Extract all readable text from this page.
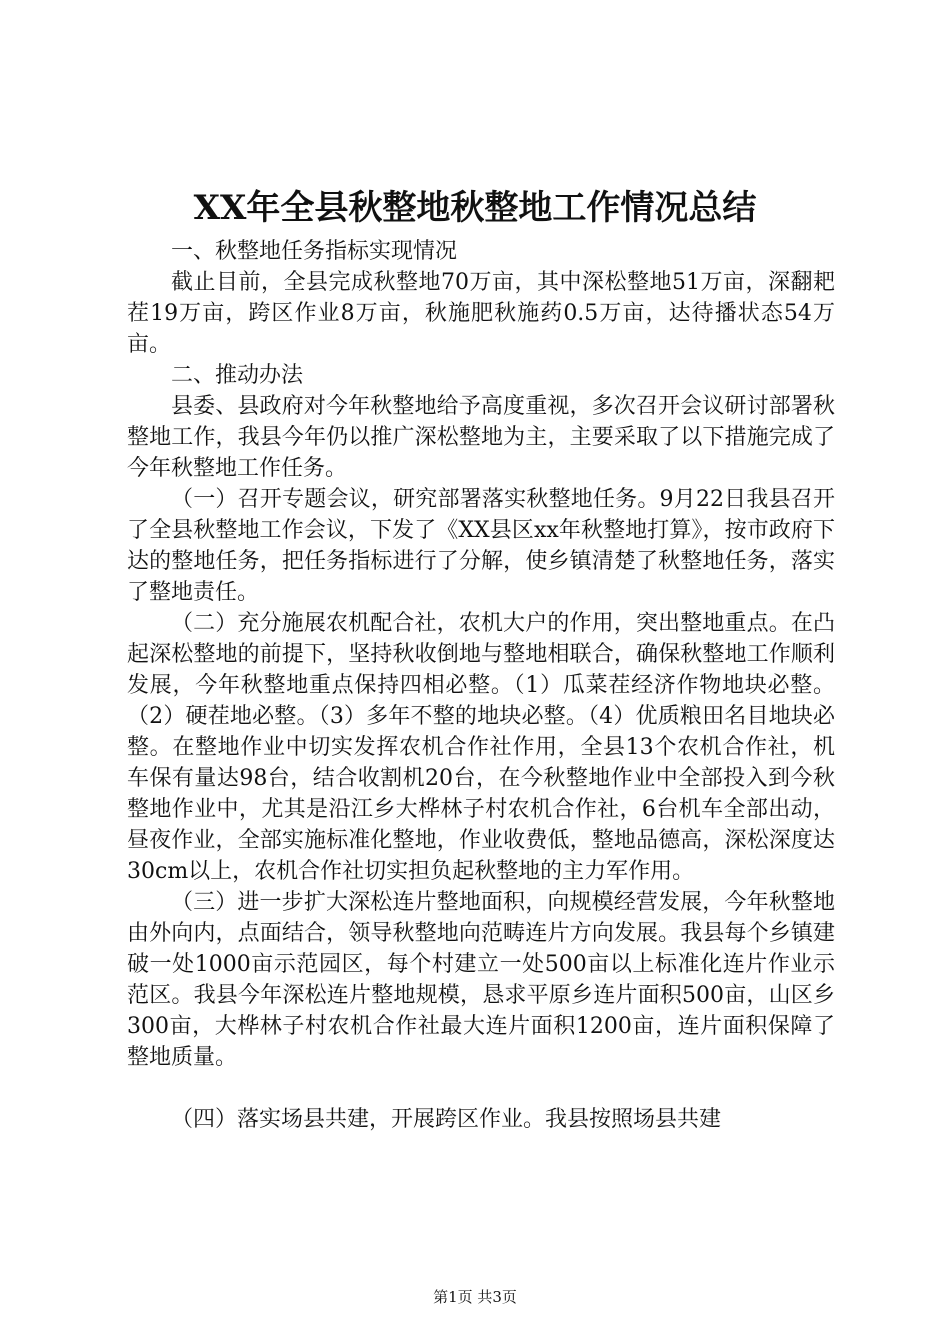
XX年全县秋整地秋整地工作情况总结

一、秋整地任务指标实现情况

截止目前，全县完成秋整地70万亩，其中深松整地51万亩，深翻耙茬19万亩，跨区作业8万亩，秋施肥秋施药0.5万亩，达待播状态54万亩。

二、推动办法

县委、县政府对今年秋整地给予高度重视，多次召开会议研讨部署秋整地工作，我县今年仍以推广深松整地为主，主要采取了以下措施完成了今年秋整地工作任务。

（一）召开专题会议，研究部署落实秋整地任务。9月22日我县召开了全县秋整地工作会议，下发了《XX县区xx年秋整地打算》，按市政府下达的整地任务，把任务指标进行了分解，使乡镇清楚了秋整地任务，落实了整地责任。

（二）充分施展农机配合社，农机大户的作用，突出整地重点。在凸起深松整地的前提下，坚持秋收倒地与整地相联合，确保秋整地工作顺利发展，今年秋整地重点保持四相必整。（1）瓜菜茬经济作物地块必整。（2）硬茬地必整。（3）多年不整的地块必整。（4）优质粮田名目地块必整。在整地作业中切实发挥农机合作社作用，全县13个农机合作社，机车保有量达98台，结合收割机20台，在今秋整地作业中全部投入到今秋整地作业中，尤其是沿江乡大桦林子村农机合作社，6台机车全部出动，昼夜作业，全部实施标准化整地，作业收费低，整地品德高，深松深度达30cm以上，农机合作社切实担负起秋整地的主力军作用。

（三）进一步扩大深松连片整地面积，向规模经营发展，今年秋整地由外向内，点面结合，领导秋整地向范畴连片方向发展。我县每个乡镇建破一处1000亩示范园区，每个村建立一处500亩以上标准化连片作业示范区。我县今年深松连片整地规模，恳求平原乡连片面积500亩，山区乡300亩，大桦林子村农机合作社最大连片面积1200亩，连片面积保障了整地质量。

（四）落实场县共建，开展跨区作业。我县按照场县共建

第1页 共3页
